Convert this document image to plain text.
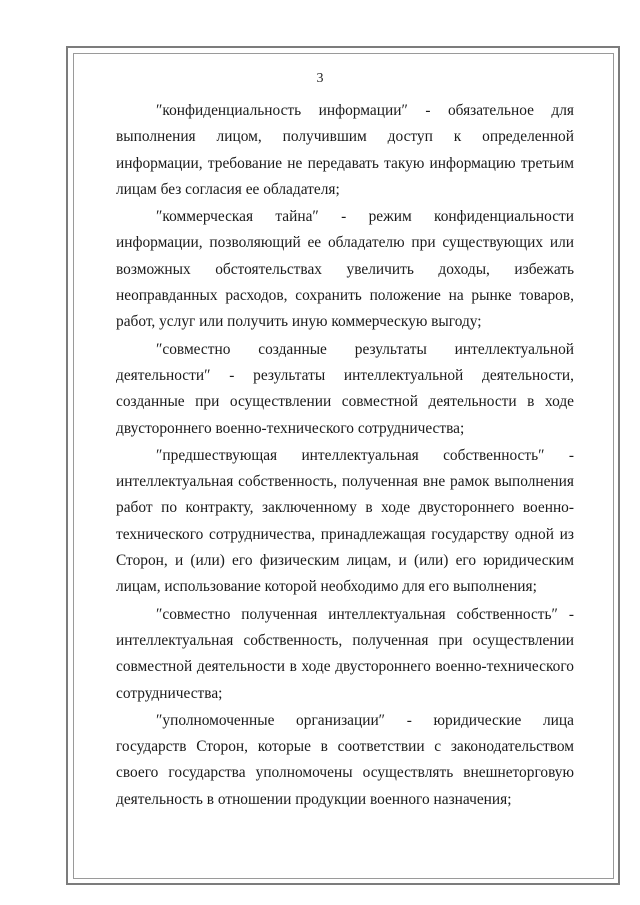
3

″конфиденциальность информации″ - обязательное для выполнения лицом, получившим доступ к определенной информации, требование не передавать такую информацию третьим лицам без согласия ее обладателя;

″коммерческая тайна″ - режим конфиденциальности информации, позволяющий ее обладателю при существующих или возможных обстоятельствах увеличить доходы, избежать неоправданных расходов, сохранить положение на рынке товаров, работ, услуг или получить иную коммерческую выгоду;

″совместно созданные результаты интеллектуальной деятельности″ - результаты интеллектуальной деятельности, созданные при осуществлении совместной деятельности в ходе двустороннего военно-технического сотрудничества;

″предшествующая интеллектуальная собственность″ - интеллектуальная собственность, полученная вне рамок выполнения работ по контракту, заключенному в ходе двустороннего военно-технического сотрудничества, принадлежащая государству одной из Сторон, и (или) его физическим лицам, и (или) его юридическим лицам, использование которой необходимо для его выполнения;

″совместно полученная интеллектуальная собственность″ - интеллектуальная собственность, полученная при осуществлении совместной деятельности в ходе двустороннего военно-технического сотрудничества;

″уполномоченные организации″ - юридические лица государств Сторон, которые в соответствии с законодательством своего государства уполномочены осуществлять внешнеторговую деятельность в отношении продукции военного назначения;
